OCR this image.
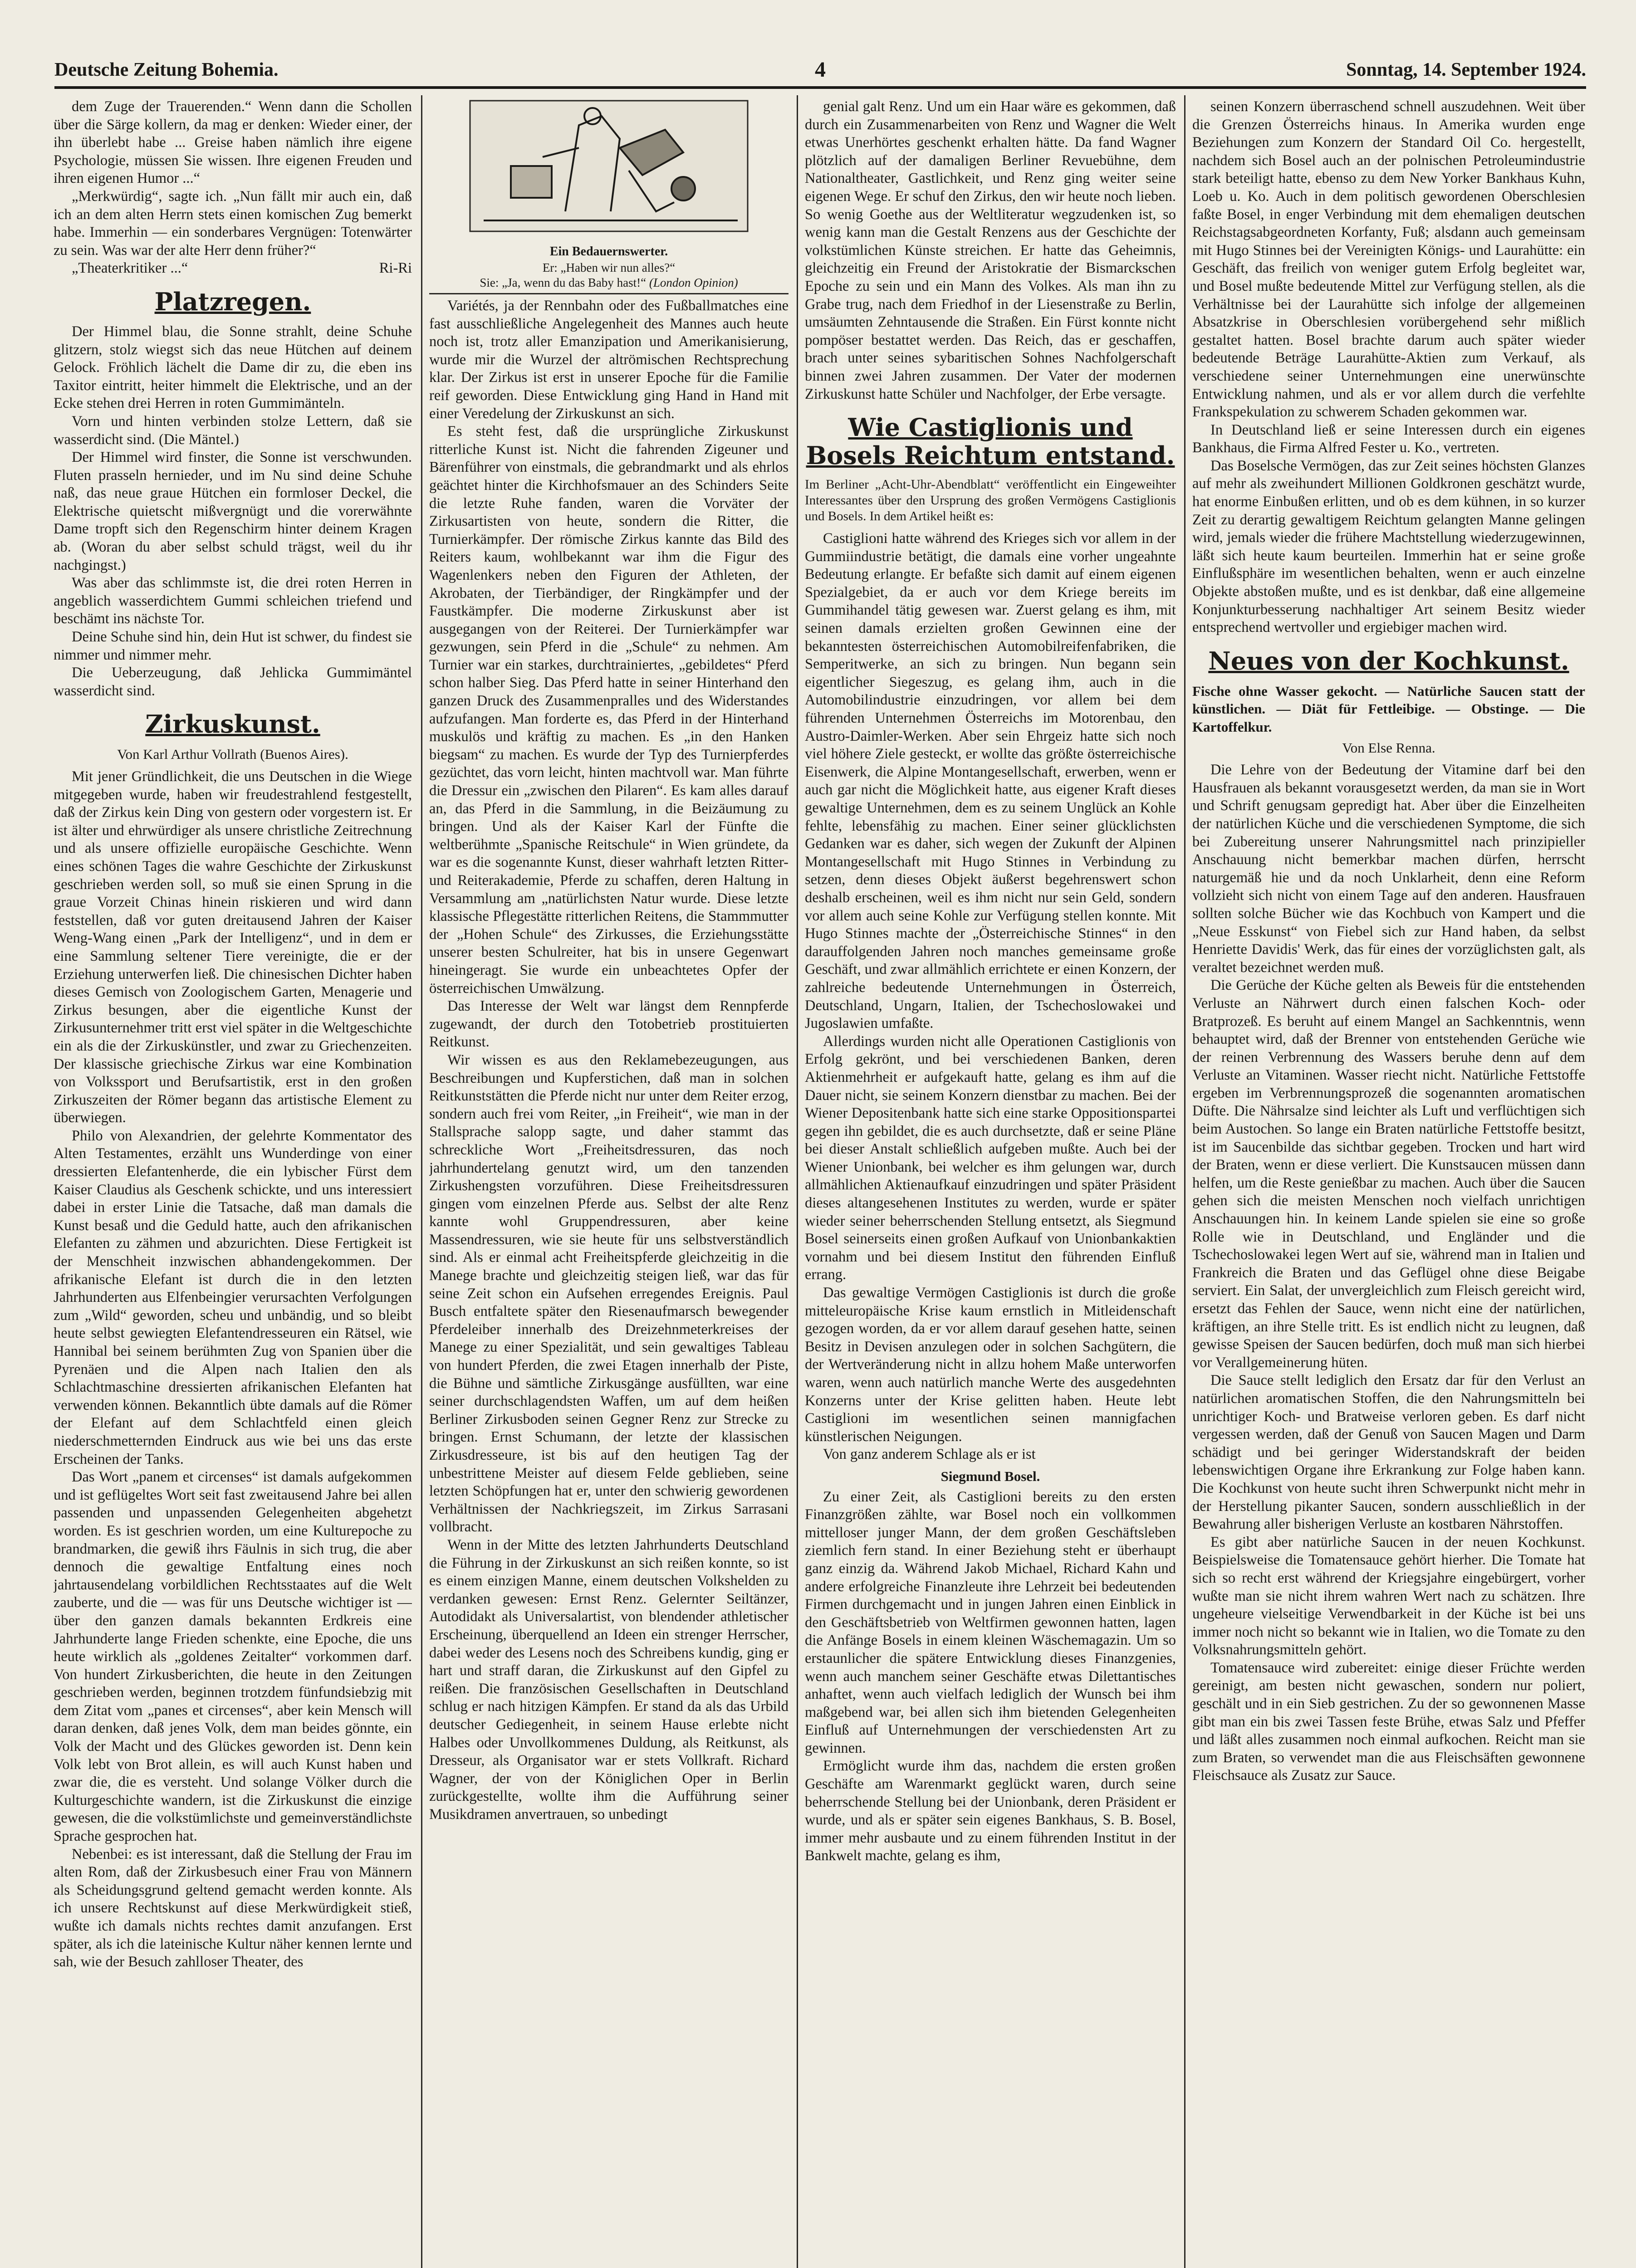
Deutsche Zeitung Bohemia.	4	Sonntag, 14. September 1924.

dem Zuge der Trauerenden.“ Wenn dann die Schollen über die Särge kollern, da mag er denken: Wieder einer, der ihn überlebt habe ... Greise haben nämlich ihre eigene Psychologie, müssen Sie wissen. Ihre eigenen Freuden und ihren eigenen Humor ...“

„Merkwürdig“, sagte ich. „Nun fällt mir auch ein, daß ich an dem alten Herrn stets einen komischen Zug bemerkt habe. Immerhin — ein sonderbares Vergnügen: Totenwärter zu sein. Was war der alte Herr denn früher?“

„Theaterkritiker ...“	Ri-Ri

Platzregen.

Der Himmel blau, die Sonne strahlt, deine Schuhe glitzern, stolz wiegst sich das neue Hütchen auf deinem Gelock. Fröhlich lächelt die Dame dir zu, die eben ins Taxitor eintritt, heiter himmelt die Elektrische, und an der Ecke stehen drei Herren in roten Gummimänteln.

Vorn und hinten verbinden stolze Lettern, daß sie wasserdicht sind. (Die Mäntel.)

Der Himmel wird finster, die Sonne ist verschwunden. Fluten prasseln hernieder, und im Nu sind deine Schuhe naß, das neue graue Hütchen ein formloser Deckel, die Elektrische quietscht mißvergnügt und die vorerwähnte Dame tropft sich den Regenschirm hinter deinem Kragen ab. (Woran du aber selbst schuld trägst, weil du ihr nachgingst.)

Was aber das schlimmste ist, die drei roten Herren in angeblich wasserdichtem Gummi schleichen triefend und beschämt ins nächste Tor.

Deine Schuhe sind hin, dein Hut ist schwer, du findest sie nimmer und nimmer mehr.

Die Ueberzeugung, daß Jehlicka Gummimäntel wasserdicht sind.

Zirkuskunst.
Von Karl Arthur Vollrath (Buenos Aires).

Mit jener Gründlichkeit, die uns Deutschen in die Wiege mitgegeben wurde, haben wir freudestrahlend festgestellt, daß der Zirkus kein Ding von gestern oder vorgestern ist. Er ist älter und ehrwürdiger als unsere christliche Zeitrechnung und als unsere offizielle europäische Geschichte. Wenn eines schönen Tages die wahre Geschichte der Zirkuskunst geschrieben werden soll, so muß sie einen Sprung in die graue Vorzeit Chinas hinein riskieren und wird dann feststellen, daß vor guten dreitausend Jahren der Kaiser Weng-Wang einen „Park der Intelligenz“, und in dem er eine Sammlung seltener Tiere vereinigte, die er der Erziehung unterwerfen ließ. Die chinesischen Dichter haben dieses Gemisch von Zoologischem Garten, Menagerie und Zirkus besungen, aber die eigentliche Kunst der Zirkusunternehmer tritt erst viel später in die Weltgeschichte ein als die der Zirkuskünstler, und zwar zu Griechenzeiten. Der klassische griechische Zirkus war eine Kombination von Volkssport und Berufsartistik, erst in den großen Zirkuszeiten der Römer begann das artistische Element zu überwiegen.

Philo von Alexandrien, der gelehrte Kommentator des Alten Testamentes, erzählt uns Wunderdinge von einer dressierten Elefantenherde, die ein lybischer Fürst dem Kaiser Claudius als Geschenk schickte, und uns interessiert dabei in erster Linie die Tatsache, daß man damals die Kunst besaß und die Geduld hatte, auch den afrikanischen Elefanten zu zähmen und abzurichten. Diese Fertigkeit ist der Menschheit inzwischen abhandengekommen. Der afrikanische Elefant ist durch die in den letzten Jahrhunderten aus Elfenbeingier verursachten Verfolgungen zum „Wild“ geworden, scheu und unbändig, und so bleibt heute selbst gewiegten Elefantendresseuren ein Rätsel, wie Hannibal bei seinem berühmten Zug von Spanien über die Pyrenäen und die Alpen nach Italien den als Schlachtmaschine dressierten afrikanischen Elefanten hat verwenden können. Bekanntlich übte damals auf die Römer der Elefant auf dem Schlachtfeld einen gleich niederschmetternden Eindruck aus wie bei uns das erste Erscheinen der Tanks.

Das Wort „panem et circenses“ ist damals aufgekommen und ist geflügeltes Wort seit fast zweitausend Jahre bei allen passenden und unpassenden Gelegenheiten abgehetzt worden. Es ist geschrien worden, um eine Kulturepoche zu brandmarken, die gewiß ihrs Fäulnis in sich trug, die aber dennoch die gewaltige Entfaltung eines noch jahrtausendelang vorbildlichen Rechtsstaates auf die Welt zauberte, und die — was für uns Deutsche wichtiger ist — über den ganzen damals bekannten Erdkreis eine Jahrhunderte lange Frieden schenkte, eine Epoche, die uns heute wirklich als „goldenes Zeitalter“ vorkommen darf. Von hundert Zirkusberichten, die heute in den Zeitungen geschrieben werden, beginnen trotzdem fünfundsiebzig mit dem Zitat vom „panes et circenses“, aber kein Mensch will daran denken, daß jenes Volk, dem man beides gönnte, ein Volk der Macht und des Glückes geworden ist. Denn kein Volk lebt von Brot allein, es will auch Kunst haben und zwar die, die es versteht. Und solange Völker durch die Kulturgeschichte wandern, ist die Zirkuskunst die einzige gewesen, die die volkstümlichste und gemeinverständlichste Sprache gesprochen hat.

Nebenbei: es ist interessant, daß die Stellung der Frau im alten Rom, daß der Zirkusbesuch einer Frau von Männern als Scheidungsgrund geltend gemacht werden konnte. Als ich unsere Rechtskunst auf diese Merkwürdigkeit stieß, wußte ich damals nichts rechtes damit anzufangen. Erst später, als ich die lateinische Kultur näher kennen lernte und sah, wie der Besuch zahlloser Theater, des

Ein Bedauernswerter.
Er: „Haben wir nun alles?“
Sie: „Ja, wenn du das Baby hast!“ (London Opinion)

Variétés, ja der Rennbahn oder des Fußballmatches eine fast ausschließliche Angelegenheit des Mannes auch heute noch ist, trotz aller Emanzipation und Amerikanisierung, wurde mir die Wurzel der altrömischen Rechtsprechung klar. Der Zirkus ist erst in unserer Epoche für die Familie reif geworden. Diese Entwicklung ging Hand in Hand mit einer Veredelung der Zirkuskunst an sich.

Es steht fest, daß die ursprüngliche Zirkuskunst ritterliche Kunst ist. Nicht die fahrenden Zigeuner und Bärenführer von einstmals, die gebrandmarkt und als ehrlos geächtet hinter die Kirchhofsmauer an des Schinders Seite die letzte Ruhe fanden, waren die Vorväter der Zirkusartisten von heute, sondern die Ritter, die Turnierkämpfer. Der römische Zirkus kannte das Bild des Reiters kaum, wohlbekannt war ihm die Figur des Wagenlenkers neben den Figuren der Athleten, der Akrobaten, der Tierbändiger, der Ringkämpfer und der Faustkämpfer. Die moderne Zirkuskunst aber ist ausgegangen von der Reiterei. Der Turnierkämpfer war gezwungen, sein Pferd in die „Schule“ zu nehmen. Am Turnier war ein starkes, durchtrainiertes, „gebildetes“ Pferd schon halber Sieg. Das Pferd hatte in seiner Hinterhand den ganzen Druck des Zusammenpralles und des Widerstandes aufzufangen. Man forderte es, das Pferd in der Hinterhand muskulös und kräftig zu machen. Es „in den Hanken biegsam“ zu machen. Es wurde der Typ des Turnierpferdes gezüchtet, das vorn leicht, hinten machtvoll war. Man führte die Dressur ein „zwischen den Pilaren“. Es kam alles darauf an, das Pferd in die Sammlung, in die Beizäumung zu bringen. Und als der Kaiser Karl der Fünfte die weltberühmte „Spanische Reitschule“ in Wien gründete, da war es die sogenannte Kunst, dieser wahrhaft letzten Ritter- und Reiterakademie, Pferde zu schaffen, deren Haltung in Versammlung am „natürlichsten Natur wurde. Diese letzte klassische Pflegestätte ritterlichen Reitens, die Stammmutter der „Hohen Schule“ des Zirkusses, die Erziehungsstätte unserer besten Schulreiter, hat bis in unsere Gegenwart hineingeragt. Sie wurde ein unbeachtetes Opfer der österreichischen Umwälzung.

Das Interesse der Welt war längst dem Rennpferde zugewandt, der durch den Totobetrieb prostituierten Reitkunst.

Wir wissen es aus den Reklamebezeugungen, aus Beschreibungen und Kupferstichen, daß man in solchen Reitkunststätten die Pferde nicht nur unter dem Reiter erzog, sondern auch frei vom Reiter, „in Freiheit“, wie man in der Stallsprache salopp sagte, und daher stammt das schreckliche Wort „Freiheitsdressuren, das noch jahrhundertelang genutzt wird, um den tanzenden Zirkushengsten vorzuführen. Diese Freiheitsdressuren gingen vom einzelnen Pferde aus. Selbst der alte Renz kannte wohl Gruppendressuren, aber keine Massendressuren, wie sie heute für uns selbstverständlich sind. Als er einmal acht Freiheitspferde gleichzeitig in die Manege brachte und gleichzeitig steigen ließ, war das für seine Zeit schon ein Aufsehen erregendes Ereignis. Paul Busch entfaltete später den Riesenaufmarsch bewegender Pferdeleiber innerhalb des Dreizehnmeterkreises der Manege zu einer Spezialität, und sein gewaltiges Tableau von hundert Pferden, die zwei Etagen innerhalb der Piste, die Bühne und sämtliche Zirkusgänge ausfüllten, war eine seiner durchschlagendsten Waffen, um auf dem heißen Berliner Zirkusboden seinen Gegner Renz zur Strecke zu bringen. Ernst Schumann, der letzte der klassischen Zirkusdresseure, ist bis auf den heutigen Tag der unbestrittene Meister auf diesem Felde geblieben, seine letzten Schöpfungen hat er, unter den schwierig gewordenen Verhältnissen der Nachkriegszeit, im Zirkus Sarrasani vollbracht.

Wenn in der Mitte des letzten Jahrhunderts Deutschland die Führung in der Zirkuskunst an sich reißen konnte, so ist es einem einzigen Manne, einem deutschen Volkshelden zu verdanken gewesen: Ernst Renz. Gelernter Seiltänzer, Autodidakt als Universalartist, von blendender athletischer Erscheinung, überquellend an Ideen ein strenger Herrscher, dabei weder des Lesens noch des Schreibens kundig, ging er hart und straff daran, die Zirkuskunst auf den Gipfel zu reißen. Die französischen Gesellschaften in Deutschland schlug er nach hitzigen Kämpfen. Er stand da als das Urbild deutscher Gediegenheit, in seinem Hause erlebte nicht Halbes oder Unvollkommenes Duldung, als Reitkunst, als Dresseur, als Organisator war er stets Vollkraft. Richard Wagner, der von der Königlichen Oper in Berlin zurückgestellte, wollte ihm die Aufführung seiner Musikdramen anvertrauen, so unbedingt

genial galt Renz. Und um ein Haar wäre es gekommen, daß durch ein Zusammenarbeiten von Renz und Wagner die Welt etwas Unerhörtes geschenkt erhalten hätte. Da fand Wagner plötzlich auf der damaligen Berliner Revuebühne, dem Nationaltheater, Gastlichkeit, und Renz ging weiter seine eigenen Wege. Er schuf den Zirkus, den wir heute noch lieben. So wenig Goethe aus der Weltliteratur wegzudenken ist, so wenig kann man die Gestalt Renzens aus der Geschichte der volkstümlichen Künste streichen. Er hatte das Geheimnis, gleichzeitig ein Freund der Aristokratie der Bismarckschen Epoche zu sein und ein Mann des Volkes. Als man ihn zu Grabe trug, nach dem Friedhof in der Liesenstraße zu Berlin, umsäumten Zehntausende die Straßen. Ein Fürst konnte nicht pompöser bestattet werden. Das Reich, das er geschaffen, brach unter seines sybaritischen Sohnes Nachfolgerschaft binnen zwei Jahren zusammen. Der Vater der modernen Zirkuskunst hatte Schüler und Nachfolger, der Erbe versagte.

Wie Castiglionis und Bosels Reichtum entstand.
Im Berliner „Acht-Uhr-Abendblatt“ veröffentlicht ein Eingeweihter Interessantes über den Ursprung des großen Vermögens Castiglionis und Bosels. In dem Artikel heißt es:

Castiglioni hatte während des Krieges sich vor allem in der Gummiindustrie betätigt, die damals eine vorher ungeahnte Bedeutung erlangte. Er befaßte sich damit auf einem eigenen Spezialgebiet, da er auch vor dem Kriege bereits im Gummihandel tätig gewesen war. Zuerst gelang es ihm, mit seinen damals erzielten großen Gewinnen eine der bekanntesten österreichischen Automobilreifenfabriken, die Semperitwerke, an sich zu bringen. Nun begann sein eigentlicher Siegeszug, es gelang ihm, auch in die Automobilindustrie einzudringen, vor allem bei dem führenden Unternehmen Österreichs im Motorenbau, den Austro-Daimler-Werken. Aber sein Ehrgeiz hatte sich noch viel höhere Ziele gesteckt, er wollte das größte österreichische Eisenwerk, die Alpine Montangesellschaft, erwerben, wenn er auch gar nicht die Möglichkeit hatte, aus eigener Kraft dieses gewaltige Unternehmen, dem es zu seinem Unglück an Kohle fehlte, lebensfähig zu machen. Einer seiner glücklichsten Gedanken war es daher, sich wegen der Zukunft der Alpinen Montangesellschaft mit Hugo Stinnes in Verbindung zu setzen, denn dieses Objekt äußerst begehrenswert schon deshalb erscheinen, weil es ihm nicht nur sein Geld, sondern vor allem auch seine Kohle zur Verfügung stellen konnte. Mit Hugo Stinnes machte der „Österreichische Stinnes“ in den darauffolgenden Jahren noch manches gemeinsame große Geschäft, und zwar allmählich errichtete er einen Konzern, der zahlreiche bedeutende Unternehmungen in Österreich, Deutschland, Ungarn, Italien, der Tschechoslowakei und Jugoslawien umfaßte.

Allerdings wurden nicht alle Operationen Castiglionis von Erfolg gekrönt, und bei verschiedenen Banken, deren Aktienmehrheit er aufgekauft hatte, gelang es ihm auf die Dauer nicht, sie seinem Konzern dienstbar zu machen. Bei der Wiener Depositenbank hatte sich eine starke Oppositionspartei gegen ihn gebildet, die es auch durchsetzte, daß er seine Pläne bei dieser Anstalt schließlich aufgeben mußte. Auch bei der Wiener Unionbank, bei welcher es ihm gelungen war, durch allmählichen Aktienaufkauf einzudringen und später Präsident dieses altangesehenen Institutes zu werden, wurde er später wieder seiner beherrschenden Stellung entsetzt, als Siegmund Bosel seinerseits einen großen Aufkauf von Unionbankaktien vornahm und bei diesem Institut den führenden Einfluß errang.

Das gewaltige Vermögen Castiglionis ist durch die große mitteleuropäische Krise kaum ernstlich in Mitleidenschaft gezogen worden, da er vor allem darauf gesehen hatte, seinen Besitz in Devisen anzulegen oder in solchen Sachgütern, die der Wertveränderung nicht in allzu hohem Maße unterworfen waren, wenn auch natürlich manche Werte des ausgedehnten Konzerns unter der Krise gelitten haben. Heute lebt Castiglioni im wesentlichen seinen mannigfachen künstlerischen Neigungen.

Von ganz anderem Schlage als er ist

Siegmund Bosel.

Zu einer Zeit, als Castiglioni bereits zu den ersten Finanzgrößen zählte, war Bosel noch ein vollkommen mittelloser junger Mann, der dem großen Geschäftsleben ziemlich fern stand. In einer Beziehung steht er überhaupt ganz einzig da. Während Jakob Michael, Richard Kahn und andere erfolgreiche Finanzleute ihre Lehrzeit bei bedeutenden Firmen durchgemacht und in jungen Jahren einen Einblick in den Geschäftsbetrieb von Weltfirmen gewonnen hatten, lagen die Anfänge Bosels in einem kleinen Wäschemagazin. Um so erstaunlicher die spätere Entwicklung dieses Finanzgenies, wenn auch manchem seiner Geschäfte etwas Dilettantisches anhaftet, wenn auch vielfach lediglich der Wunsch bei ihm maßgebend war, bei allen sich ihm bietenden Gelegenheiten Einfluß auf Unternehmungen der verschiedensten Art zu gewinnen.

Ermöglicht wurde ihm das, nachdem die ersten großen Geschäfte am Warenmarkt geglückt waren, durch seine beherrschende Stellung bei der Unionbank, deren Präsident er wurde, und als er später sein eigenes Bankhaus, S. B. Bosel, immer mehr ausbaute und zu einem führenden Institut in der Bankwelt machte, gelang es ihm,

seinen Konzern überraschend schnell auszudehnen. Weit über die Grenzen Österreichs hinaus. In Amerika wurden enge Beziehungen zum Konzern der Standard Oil Co. hergestellt, nachdem sich Bosel auch an der polnischen Petroleumindustrie stark beteiligt hatte, ebenso zu dem New Yorker Bankhaus Kuhn, Loeb u. Ko. Auch in dem politisch gewordenen Oberschlesien faßte Bosel, in enger Verbindung mit dem ehemaligen deutschen Reichstagsabgeordneten Korfanty, Fuß; alsdann auch gemeinsam mit Hugo Stinnes bei der Vereinigten Königs- und Laurahütte: ein Geschäft, das freilich von weniger gutem Erfolg begleitet war, und Bosel mußte bedeutende Mittel zur Verfügung stellen, als die Verhältnisse bei der Laurahütte sich infolge der allgemeinen Absatzkrise in Oberschlesien vorübergehend sehr mißlich gestaltet hatten. Bosel brachte darum auch später wieder bedeutende Beträge Laurahütte-Aktien zum Verkauf, als verschiedene seiner Unternehmungen eine unerwünschte Entwicklung nahmen, und als er vor allem durch die verfehlte Frankspekulation zu schwerem Schaden gekommen war.

In Deutschland ließ er seine Interessen durch ein eigenes Bankhaus, die Firma Alfred Fester u. Ko., vertreten.

Das Boselsche Vermögen, das zur Zeit seines höchsten Glanzes auf mehr als zweihundert Millionen Goldkronen geschätzt wurde, hat enorme Einbußen erlitten, und ob es dem kühnen, in so kurzer Zeit zu derartig gewaltigem Reichtum gelangten Manne gelingen wird, jemals wieder die frühere Machtstellung wiederzugewinnen, läßt sich heute kaum beurteilen. Immerhin hat er seine große Einflußsphäre im wesentlichen behalten, wenn er auch einzelne Objekte abstoßen mußte, und es ist denkbar, daß eine allgemeine Konjunkturbesserung nachhaltiger Art seinem Besitz wieder entsprechend wertvoller und ergiebiger machen wird.

Neues von der Kochkunst.
Fische ohne Wasser gekocht. — Natürliche Saucen statt der künstlichen. — Diät für Fettleibige. — Obstinge. — Die Kartoffelkur.
Von Else Renna.

Die Lehre von der Bedeutung der Vitamine darf bei den Hausfrauen als bekannt vorausgesetzt werden, da man sie in Wort und Schrift genugsam gepredigt hat. Aber über die Einzelheiten der natürlichen Küche und die verschiedenen Symptome, die sich bei Zubereitung unserer Nahrungsmittel nach prinzipieller Anschauung nicht bemerkbar machen dürfen, herrscht naturgemäß hie und da noch Unklarheit, denn eine Reform vollzieht sich nicht von einem Tage auf den anderen. Hausfrauen sollten solche Bücher wie das Kochbuch von Kampert und die „Neue Esskunst“ von Fiebel sich zur Hand haben, da selbst Henriette Davidis' Werk, das für eines der vorzüglichsten galt, als veraltet bezeichnet werden muß.

Die Gerüche der Küche gelten als Beweis für die entstehenden Verluste an Nährwert durch einen falschen Koch- oder Bratprozeß. Es beruht auf einem Mangel an Sachkenntnis, wenn behauptet wird, daß der Brenner von entstehenden Gerüche wie der reinen Verbrennung des Wassers beruhe denn auf dem Verluste an Vitaminen. Wasser riecht nicht. Natürliche Fettstoffe ergeben im Verbrennungsprozeß die sogenannten aromatischen Düfte. Die Nährsalze sind leichter als Luft und verflüchtigen sich beim Austochen. So lange ein Braten natürliche Fettstoffe besitzt, ist im Saucenbilde das sichtbar gegeben. Trocken und hart wird der Braten, wenn er diese verliert. Die Kunstsaucen müssen dann helfen, um die Reste genießbar zu machen. Auch über die Saucen gehen sich die meisten Menschen noch vielfach unrichtigen Anschauungen hin. In keinem Lande spielen sie eine so große Rolle wie in Deutschland, und Engländer und die Tschechoslowakei legen Wert auf sie, während man in Italien und Frankreich die Braten und das Geflügel ohne diese Beigabe serviert. Ein Salat, der unvergleichlich zum Fleisch gereicht wird, ersetzt das Fehlen der Sauce, wenn nicht eine der natürlichen, kräftigen, an ihre Stelle tritt. Es ist endlich nicht zu leugnen, daß gewisse Speisen der Saucen bedürfen, doch muß man sich hierbei vor Verallgemeinerung hüten.

Die Sauce stellt lediglich den Ersatz dar für den Verlust an natürlichen aromatischen Stoffen, die den Nahrungsmitteln bei unrichtiger Koch- und Bratweise verloren geben. Es darf nicht vergessen werden, daß der Genuß von Saucen Magen und Darm schädigt und bei geringer Widerstandskraft der beiden lebenswichtigen Organe ihre Erkrankung zur Folge haben kann. Die Kochkunst von heute sucht ihren Schwerpunkt nicht mehr in der Herstellung pikanter Saucen, sondern ausschließlich in der Bewahrung aller bisherigen Verluste an kostbaren Nährstoffen.

Es gibt aber natürliche Saucen in der neuen Kochkunst. Beispielsweise die Tomatensauce gehört hierher. Die Tomate hat sich so recht erst während der Kriegsjahre eingebürgert, vorher wußte man sie nicht ihrem wahren Wert nach zu schätzen. Ihre ungeheure vielseitige Verwendbarkeit in der Küche ist bei uns immer noch nicht so bekannt wie in Italien, wo die Tomate zu den Volksnahrungsmitteln gehört.

Tomatensauce wird zubereitet: einige dieser Früchte werden gereinigt, am besten nicht gewaschen, sondern nur poliert, geschält und in ein Sieb gestrichen. Zu der so gewonnenen Masse gibt man ein bis zwei Tassen feste Brühe, etwas Salz und Pfeffer und läßt alles zusammen noch einmal aufkochen. Reicht man sie zum Braten, so verwendet man die aus Fleischsäften gewonnene Fleischsauce als Zusatz zur Sauce.
